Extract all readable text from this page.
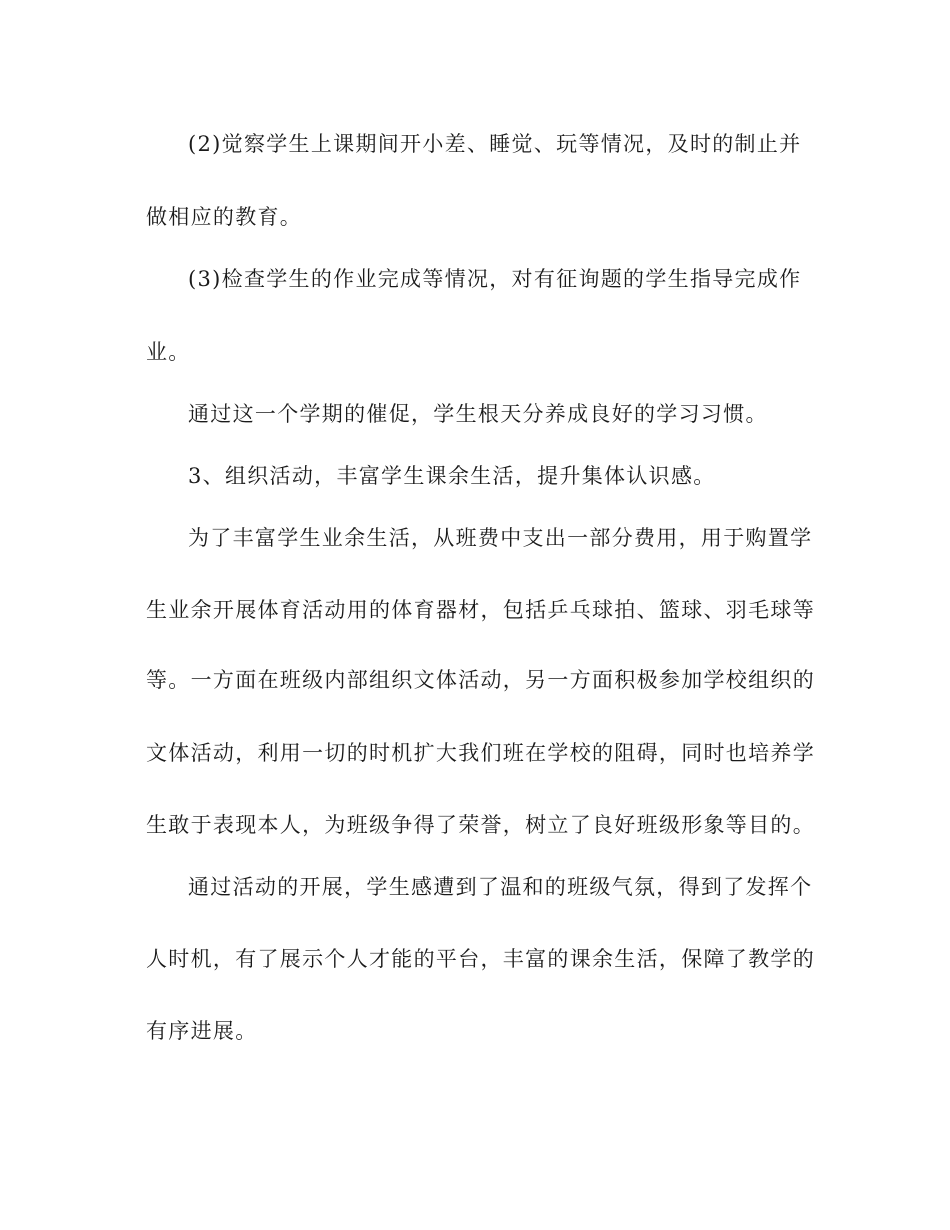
(2)觉察学生上课期间开小差、睡觉、玩等情况，及时的制止并

做相应的教育。

(3)检查学生的作业完成等情况，对有征询题的学生指导完成作

业。

通过这一个学期的催促，学生根天分养成良好的学习习惯。

3、组织活动，丰富学生课余生活，提升集体认识感。

为了丰富学生业余生活，从班费中支出一部分费用，用于购置学

生业余开展体育活动用的体育器材，包括乒乓球拍、篮球、羽毛球等

等。一方面在班级内部组织文体活动，另一方面积极参加学校组织的

文体活动，利用一切的时机扩大我们班在学校的阻碍，同时也培养学

生敢于表现本人，为班级争得了荣誉，树立了良好班级形象等目的。

通过活动的开展，学生感遭到了温和的班级气氛，得到了发挥个

人时机，有了展示个人才能的平台，丰富的课余生活，保障了教学的

有序进展。
